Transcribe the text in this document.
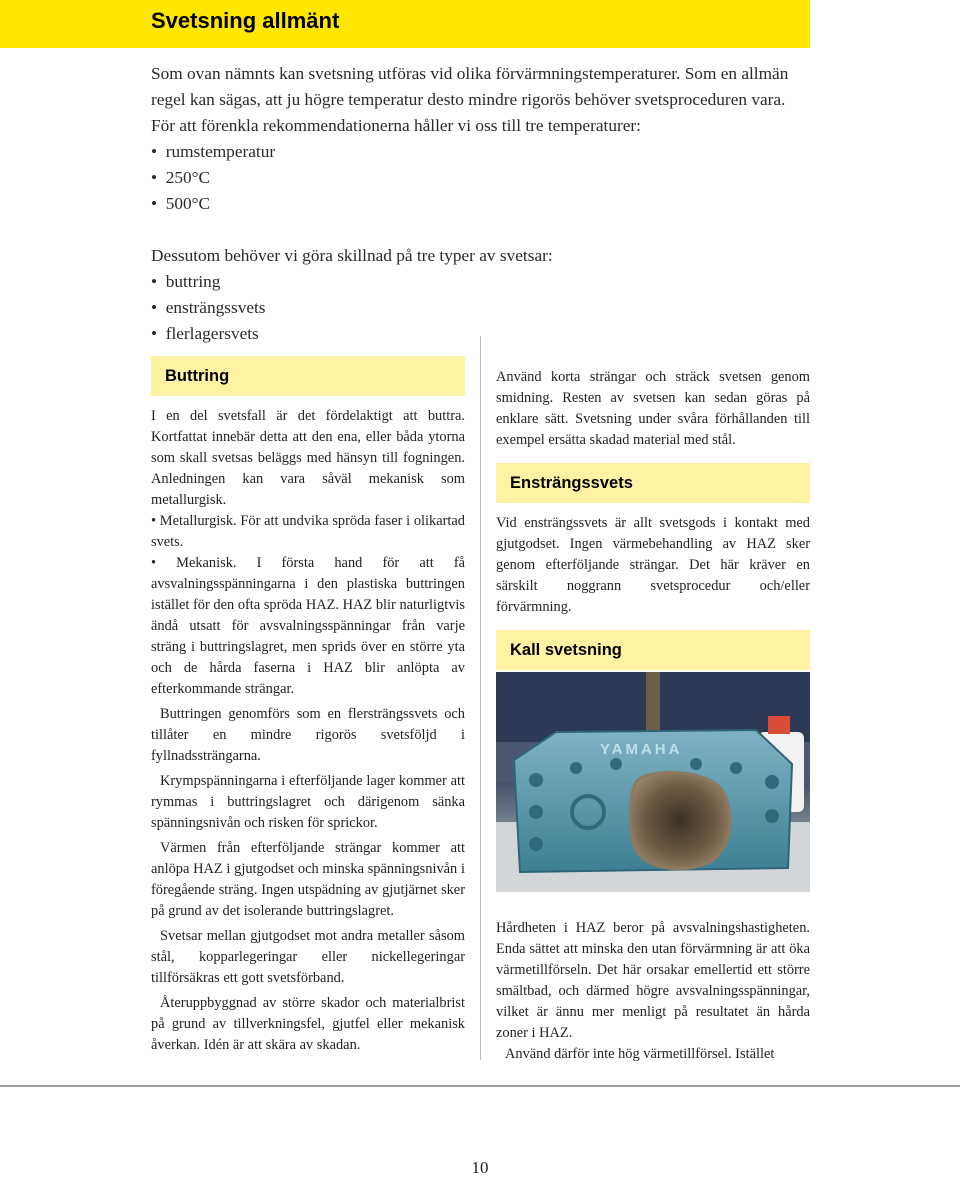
Svetsning allmänt

Som ovan nämnts kan svetsning utföras vid olika förvärmningstemperaturer. Som en allmän regel kan sägas, att ju högre temperatur desto mindre rigorös behöver svetsproceduren vara. För att förenkla rekommendationerna håller vi oss till tre temperaturer:

•  rumstemperatur
•  250°C
•  500°C

Dessutom behöver vi göra skillnad på tre typer av svetsar:

•  buttring
•  ensträngssvets
•  flerlagersvets
Buttring

I en del svetsfall är det fördelaktigt att buttra. Kortfattat innebär detta att den ena, eller båda ytorna som skall svetsas beläggs med hänsyn till fogningen. Anledningen kan vara såväl mekanisk som metallurgisk.

• Metallurgisk. För att undvika spröda faser i olikartad svets.

• Mekanisk. I första hand för att få avsvalningsspänningarna i den plastiska buttringen istället för den ofta spröda HAZ. HAZ blir naturligtvis ändå utsatt för avsvalningsspänningar från varje sträng i buttringslagret, men sprids över en större yta och de hårda faserna i HAZ blir anlöpta av efterkommande strängar.

Buttringen genomförs som en flersträngssvets och tillåter en mindre rigorös svetsföljd i fyllnadssträngarna.

Krympspänningarna i efterföljande lager kommer att rymmas i buttringslagret och därigenom sänka spänningsnivån och risken för sprickor.

Värmen från efterföljande strängar kommer att anlöpa HAZ i gjutgodset och minska spänningsnivån i föregående sträng. Ingen utspädning av gjutjärnet sker på grund av det isolerande buttringslagret.

Svetsar mellan gjutgodset mot andra metaller såsom stål, kopparlegeringar eller nickellegeringar tillförsäkras ett gott svetsförband.

Återuppbyggnad av större skador och materialbrist på grund av tillverkningsfel, gjutfel eller mekanisk åverkan. Idén är att skära av skadan.

Använd korta strängar och sträck svetsen genom smidning. Resten av svetsen kan sedan göras på enklare sätt. Svetsning under svåra förhållanden till exempel ersätta skadad material med stål.

Ensträngssvets

Vid ensträngssvets är allt svetsgods i kontakt med gjutgodset. Ingen värmebehandling av HAZ sker genom efterföljande strängar. Det här kräver en särskilt noggrann svetsprocedur och/eller förvärmning.

Kall svetsning
YAMAHA

Hårdheten i HAZ beror på avsvalningshastigheten. Enda sättet att minska den utan förvärmning är att öka värmetillförseln. Det här orsakar emellertid ett större smältbad, och därmed högre avsvalningsspänningar, vilket är ännu mer menligt på resultatet än hårda zoner i HAZ.

Använd därför inte hög värmetillförsel. Istället

10
